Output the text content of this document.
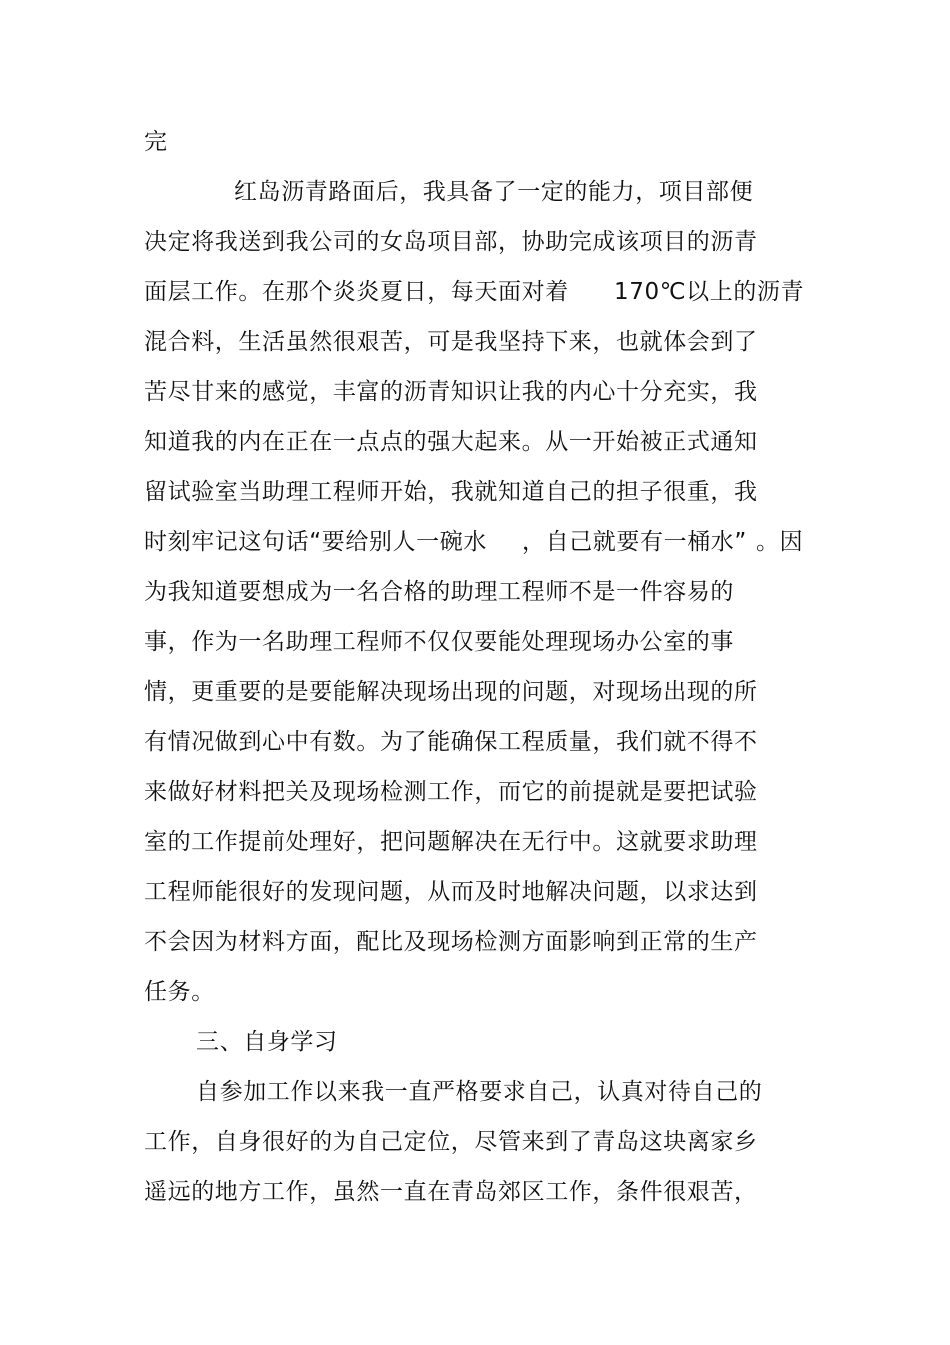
完
红岛沥青路面后，我具备了一定的能力，项目部便
决定将我送到我公司的女岛项目部，协助完成该项目的沥青

面层工作。在那个炎炎夏日，每天面对着

170℃以上的沥青

混合料，生活虽然很艰苦，可是我坚持下来，也就体会到了
苦尽甘来的感觉，丰富的沥青知识让我的内心十分充实，我
知道我的内在正在一点点的强大起来。从一开始被正式通知
留试验室当助理工程师开始，我就知道自己的担子很重，我

时刻牢记这句话“要给别人一碗水

，自己就要有一桶水”

。因

为我知道要想成为一名合格的助理工程师不是一件容易的
事，作为一名助理工程师不仅仅要能处理现场办公室的事
情，更重要的是要能解决现场出现的问题，对现场出现的所
有情况做到心中有数。为了能确保工程质量，我们就不得不
来做好材料把关及现场检测工作，而它的前提就是要把试验
室的工作提前处理好，把问题解决在无行中。这就要求助理
工程师能很好的发现问题，从而及时地解决问题，以求达到
不会因为材料方面，配比及现场检测方面影响到正常的生产
任务。
三、自身学习
自参加工作以来我一直严格要求自己，认真对待自己的
工作，自身很好的为自己定位，尽管来到了青岛这块离家乡
遥远的地方工作，虽然一直在青岛郊区工作，条件很艰苦，
